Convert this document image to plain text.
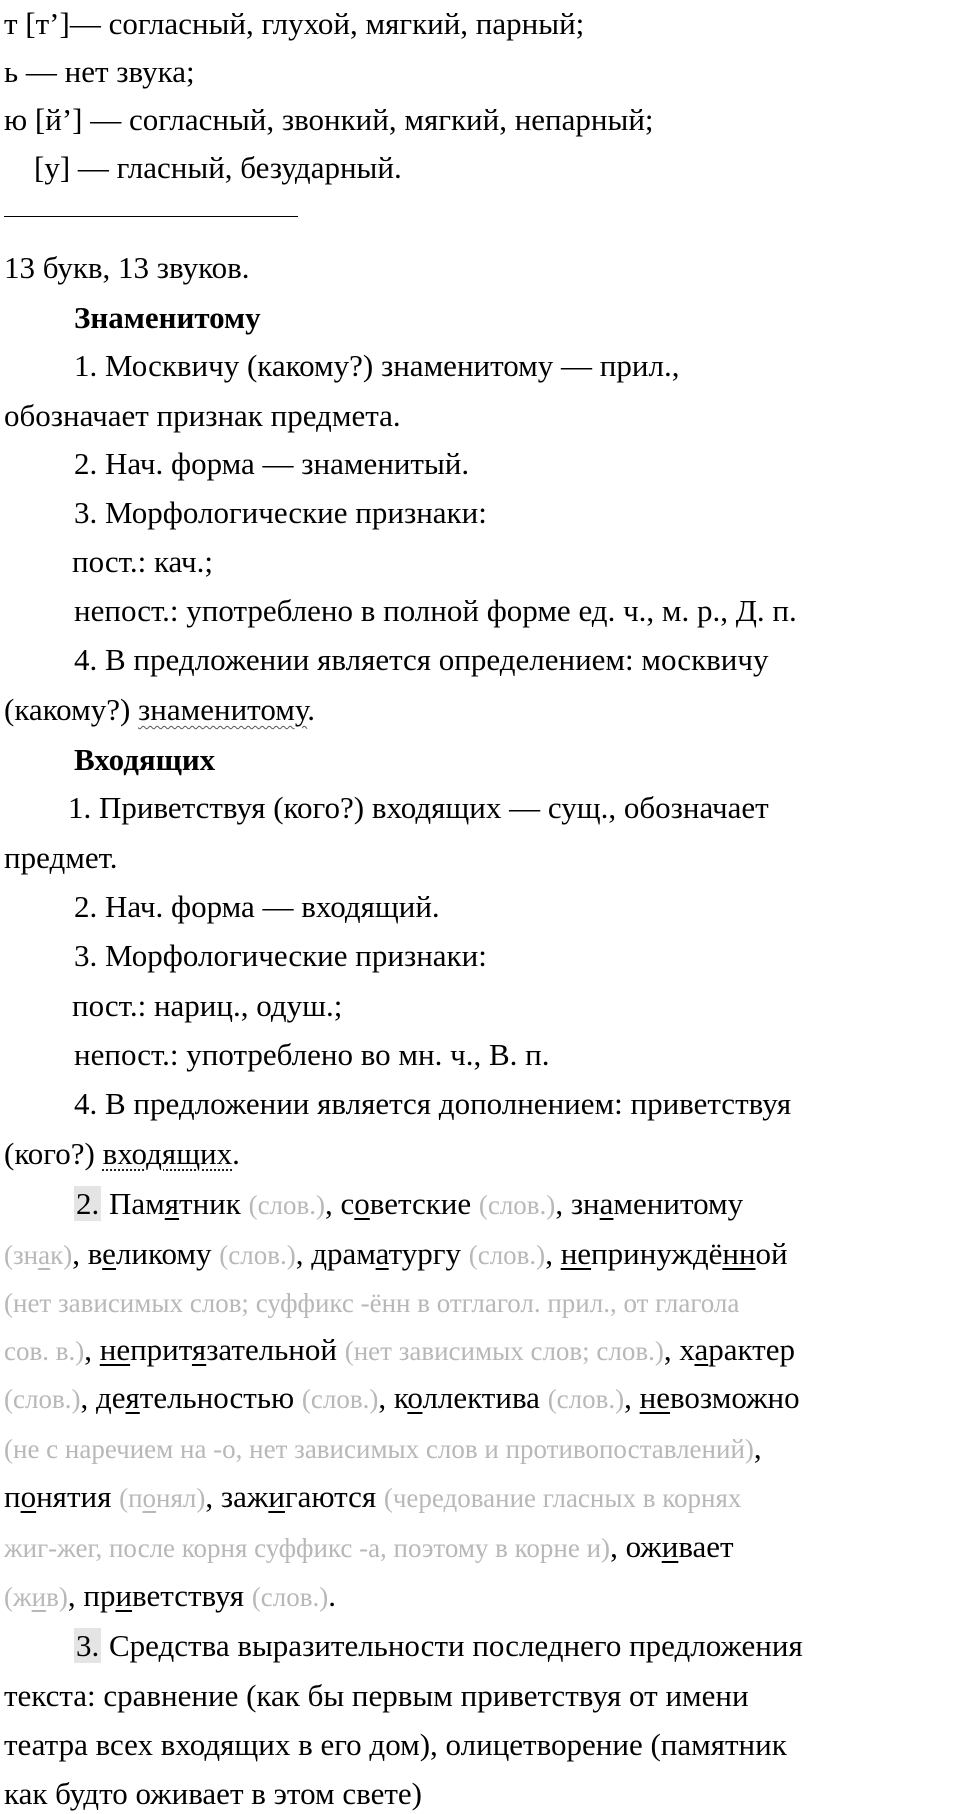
т [т’]— согласный, глухой, мягкий, парный;
ь — нет звука;
ю [й’] — согласный, звонкий, мягкий, непарный;
[у] — гласный, безударный.
13 букв, 13 звуков.
Знаменитому
1. Москвичу (какому?) знаменитому — прил.,
обозначает признак предмета.
2. Нач. форма — знаменитый.
3. Морфологические признаки:
пост.: кач.;
непост.: употреблено в полной форме ед. ч., м. р., Д. п.
4. В предложении является определением: москвичу
(какому?) знаменитому.
Входящих
1. Приветствуя (кого?) входящих — сущ., обозначает
предмет.
2. Нач. форма — входящий.
3. Морфологические признаки:
пост.: нариц., одуш.;
непост.: употреблено во мн. ч., В. п.
4. В предложении является дополнением: приветствуя
(кого?) входящих.
2. Памятник (слов.), советские (слов.), знаменитому
(знак), великому (слов.), драматургу (слов.), непринуждённой
(нет зависимых слов; суффикс -ённ в отглагол. прил., от глагола
сов. в.), непритязательной (нет зависимых слов; слов.), характер
(слов.), деятельностью (слов.), коллектива (слов.), невозможно
(не с наречием на -о, нет зависимых слов и противопоставлений),
понятия (понял), зажигаются (чередование гласных в корнях
жиг-жег, после корня суффикс -а, поэтому в корне и), оживает
(жив), приветствуя (слов.).
3. Средства выразительности последнего предложения
текста: сравнение (как бы первым приветствуя от имени
театра всех входящих в его дом), олицетворение (памятник
как будто оживает в этом свете)
